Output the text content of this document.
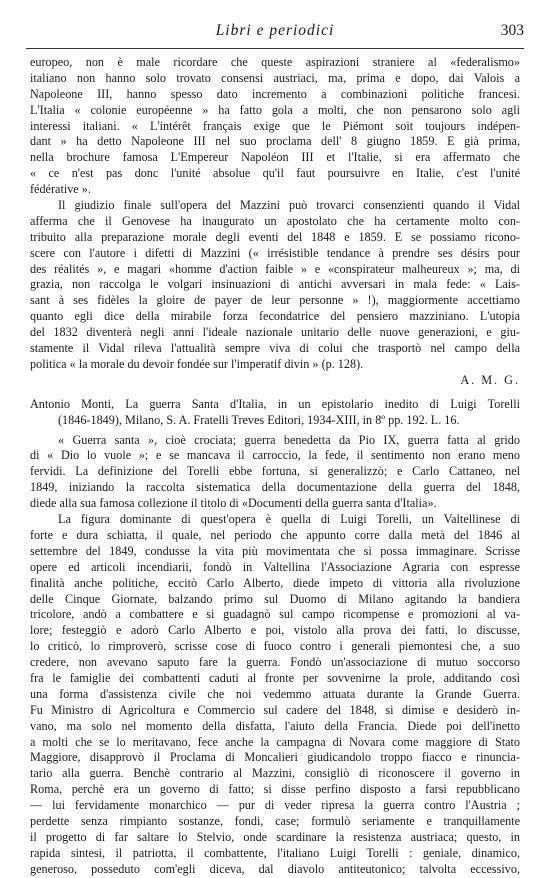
Libri e periodici	303
europeo, non è male ricordare che queste aspirazioni straniere al «federalismo»
italiano non hanno solo trovato consensi austriaci, ma, prima e dopo, dai Valois a
Napoleone III, hanno spesso dato incremento a combinazioni politiche francesi.
L'Italia « colonie européenne » ha fatto gola a molti, che non pensarono solo agli
interessi italiani. « L'intérêt français exige que le Piémont soit toujours indépen-
dant » ha detto Napoleone III nel suo proclama dell' 8 giugno 1859. E già prima,
nella brochure famosa L'Empereur Napoléon III et l'Italie, si era affermato che
« ce n'est pas donc l'unité absolue qu'il faut poursuivre en Italie, c'est l'unité
fédérative ».
Il giudizio finale sull'opera del Mazzini può trovarci consenzienti quando il Vidal
afferma che il Genovese ha inaugurato un apostolato che ha certamente molto con-
tribuito alla preparazione morale degli eventi del 1848 e 1859. E se possiamo ricono-
scere con l'autore i difetti di Mazzini (« irrésistible tendance à prendre ses désirs pour
des réalités », e magari «homme d'action faible » e «conspirateur malheureux »; ma, di
grazia, non raccolga le volgari insinuazioni di antichi avversari in mala fede: « Lais-
sant à ses fidèles la gloire de payer de leur personne » !), maggiormente accettiamo
quanto egli dice della mirabile forza fecondatrice del pensiero mazziniano. L'utopia
del 1832 diventerà negli anni l'ideale nazionale unitario delle nuove generazioni, e giu-
stamente il Vidal rileva l'attualità sempre viva di colui che trasportò nel campo della
politica « la morale du devoir fondée sur l'imperatif divin » (p. 128).
A. M. G.
Antonio Monti, La guerra Santa d'Italia, in un epistolario inedito di Luigi Torelli
(1846-1849), Milano, S. A. Fratelli Treves Editori, 1934-XIII, in 8º pp. 192. L. 16.
« Guerra santa », cioè crociata; guerra benedetta da Pio IX, guerra fatta al grido
di « Dio lo vuole »; e se mancava il carroccio, la fede, il sentimento non erano meno
fervidi. La definizione del Torelli ebbe fortuna, si generalizzò; e Carlo Cattaneo, nel
1849, iniziando la raccolta sistematica della documentazione della guerra del 1848,
diede alla sua famosa collezione il titolo di «Documenti della guerra santa d'Italia».
La figura dominante di quest'opera è quella di Luigi Torelli, un Valtellinese di
forte e dura schiatta, il quale, nel periodo che appunto corre dalla metà del 1846 al
settembre del 1849, condusse la vita più movimentata che si possa immaginare. Scrisse
opere ed articoli incendiarii, fondò in Valtellina l'Associazione Agraria con espresse
finalità anche politiche, eccitò Carlo Alberto, diede impeto di vittoria alla rivoluzione
delle Cinque Giornate, balzando primo sul Duomo di Milano agitando la bandiera
tricolore, andò a combattere e si guadagnò sul campo ricompense e promozioni al va-
lore; festeggiò e adorò Carlo Alberto e poi, vistolo alla prova dei fatti, lo discusse,
lo criticò, lo rimproverò, scrisse cose di fuoco contro i generali piemontesi che, a suo
credere, non avevano saputo fare la guerra. Fondò un'associazione di mutuo soccorso
fra le famiglie dei combattenti caduti al fronte per sovvenirne la prole, additando così
una forma d'assistenza civile che noi vedemmo attuata durante la Grande Guerra.
Fu Ministro di Agricoltura e Commercio sul cadere del 1848, si dimise e desiderò in-
vano, ma solo nel momento della disfatta, l'aiuto della Francia. Diede poi dell'inetto
a molti che se lo meritavano, fece anche la campagna di Novara come maggiore di Stato
Maggiore, disapprovò il Proclama di Moncalieri giudicandolo troppo fiacco e rinuncia-
tario alla guerra. Benchè contrario al Mazzini, consigliò di riconoscere il governo in
Roma, perchè era un governo di fatto; si disse perfino disposto a farsi repubblicano
— lui fervidamente monarchico — pur di veder ripresa la guerra contro l'Austria ;
perdette senza rimpianto sostanze, fondi, case; formulò seriamente e tranquillamente
il progetto di far saltare lo Stelvio, onde scardinare la resistenza austriaca; questo, in
rapida sintesi, il patriotta, il combattente, l'italiano Luigi Torelli : geniale, dinamico,
generoso, posseduto com'egli diceva, dal diavolo antiteutonico; talvolta eccessivo,
